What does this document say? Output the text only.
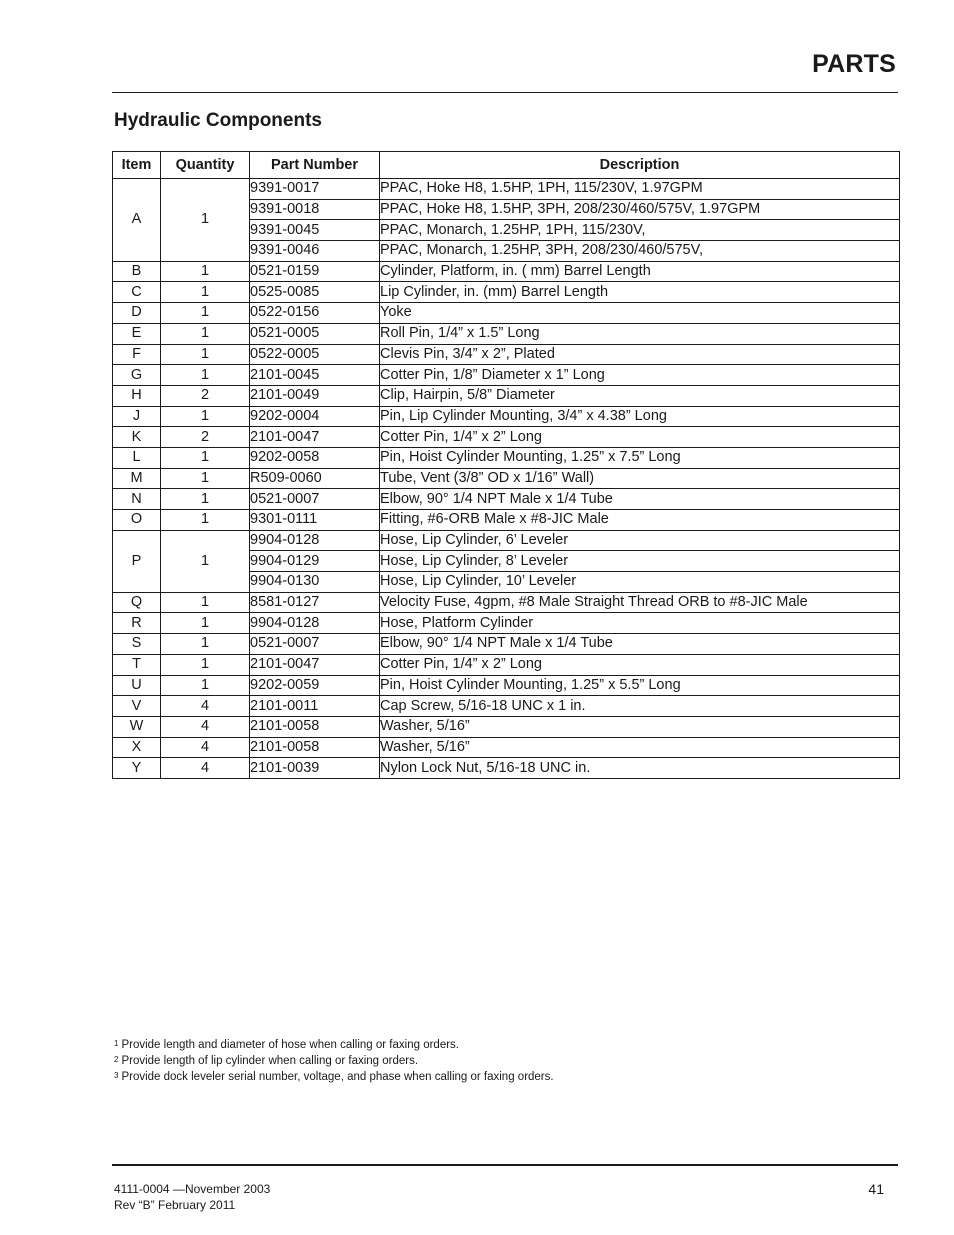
PARTS
Hydraulic Components
Item	Quantity	Part Number	Description
A	1	9391-0017	PPAC, Hoke H8, 1.5HP, 1PH, 115/230V, 1.97GPM
		9391-0018	PPAC, Hoke H8, 1.5HP, 3PH, 208/230/460/575V, 1.97GPM
		9391-0045	PPAC, Monarch, 1.25HP, 1PH, 115/230V,
		9391-0046	PPAC, Monarch, 1.25HP, 3PH, 208/230/460/575V,
B	1	0521-0159	Cylinder, Platform, in. ( mm) Barrel Length
C	1	0525-0085	Lip Cylinder, in. (mm) Barrel Length
D	1	0522-0156	Yoke
E	1	0521-0005	Roll Pin, 1/4” x 1.5” Long
F	1	0522-0005	Clevis Pin, 3/4” x 2”, Plated
G	1	2101-0045	Cotter Pin, 1/8” Diameter x 1” Long
H	2	2101-0049	Clip, Hairpin, 5/8” Diameter
J	1	9202-0004	Pin, Lip Cylinder Mounting, 3/4” x 4.38” Long
K	2	2101-0047	Cotter Pin, 1/4” x 2” Long
L	1	9202-0058	Pin, Hoist Cylinder Mounting, 1.25” x 7.5” Long
M	1	R509-0060	Tube, Vent (3/8” OD x 1/16” Wall)
N	1	0521-0007	Elbow, 90° 1/4 NPT Male x 1/4 Tube
O	1	9301-0111	Fitting, #6-ORB Male x #8-JIC Male
P	1	9904-0128	Hose, Lip Cylinder, 6’ Leveler
		9904-0129	Hose, Lip Cylinder, 8’ Leveler
		9904-0130	Hose, Lip Cylinder, 10’ Leveler
Q	1	8581-0127	Velocity Fuse, 4gpm, #8 Male Straight Thread ORB to #8-JIC Male
R	1	9904-0128	Hose, Platform Cylinder
S	1	0521-0007	Elbow, 90° 1/4 NPT Male x 1/4 Tube
T	1	2101-0047	Cotter Pin, 1/4” x 2” Long
U	1	9202-0059	Pin, Hoist Cylinder Mounting, 1.25” x 5.5” Long
V	4	2101-0011	Cap Screw, 5/16-18 UNC x 1 in.
W	4	2101-0058	Washer, 5/16”
X	4	2101-0058	Washer, 5/16”
Y	4	2101-0039	Nylon Lock Nut, 5/16-18 UNC in.
$^1$ Provide length and diameter of hose when calling or faxing orders.
$^2$ Provide length of lip cylinder when calling or faxing orders.
$^3$ Provide dock leveler serial number, voltage, and phase when calling or faxing orders.
4111-0004 —November 2003
Rev “B” February 2011
41
